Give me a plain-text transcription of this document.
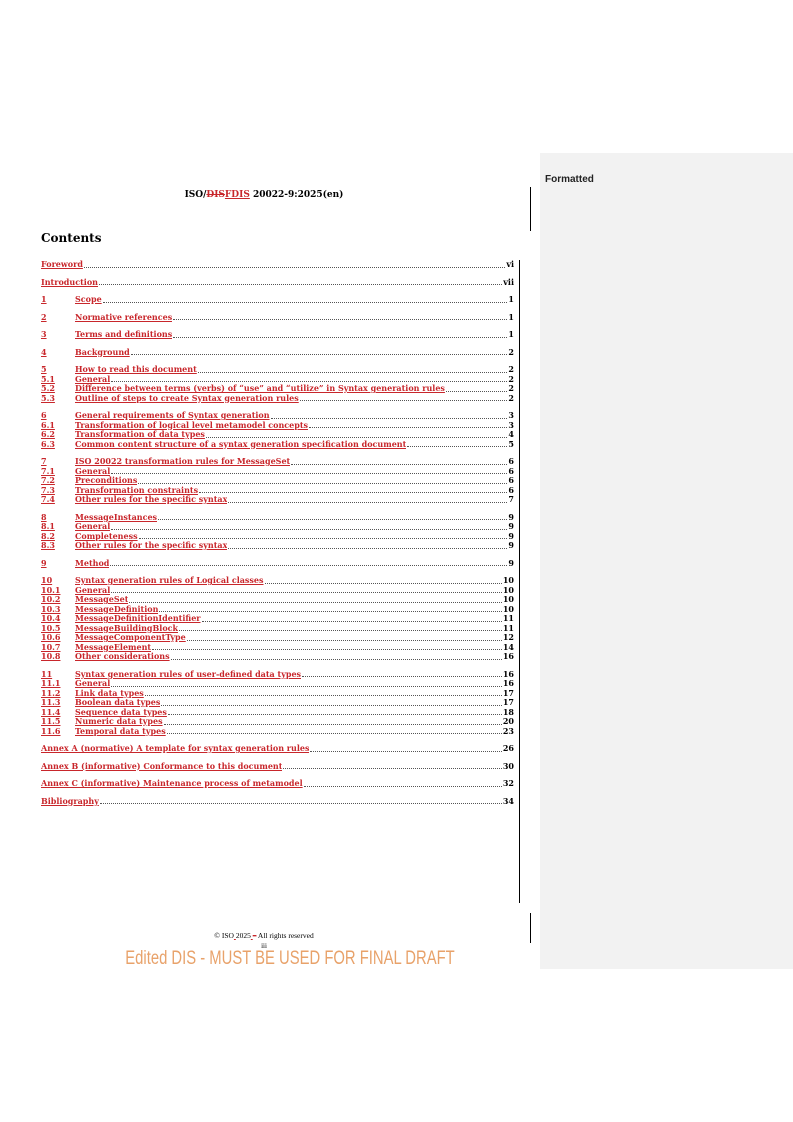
Formatted
ISO/DISFDIS 20022-9:2025(en)
Contents
Foreword	vi
Introduction	vii
1	Scope	1
2	Normative references	1
3	Terms and definitions	1
4	Background	2
5	How to read this document	2
5.1	General	2
5.2	Difference between terms (verbs) of “use” and “utilize” in Syntax generation rules	2
5.3	Outline of steps to create Syntax generation rules	2
6	General requirements of Syntax generation	3
6.1	Transformation of logical level metamodel concepts	3
6.2	Transformation of data types	4
6.3	Common content structure of a syntax generation specification document	5
7	ISO 20022 transformation rules for MessageSet	6
7.1	General	6
7.2	Preconditions	6
7.3	Transformation constraints	6
7.4	Other rules for the specific syntax	7
8	MessageInstances	9
8.1	General	9
8.2	Completeness	9
8.3	Other rules for the specific syntax	9
9	Method	9
10	Syntax generation rules of Logical classes	10
10.1	General	10
10.2	MessageSet	10
10.3	MessageDefinition	10
10.4	MessageDefinitionIdentifier	11
10.5	MessageBuildingBlock	11
10.6	MessageComponentType	12
10.7	MessageElement	14
10.8	Other considerations	16
11	Syntax generation rules of user-defined data types	16
11.1	General	16
11.2	Link data types	17
11.3	Boolean data types	17
11.4	Sequence data types	18
11.5	Numeric data types	20
11.6	Temporal data types	23
Annex A (normative) A template for syntax generation rules	26
Annex B (informative) Conformance to this document	30
Annex C (informative) Maintenance process of metamodel	32
Bibliography	34
© ISO 2025 – All rights reserved
iii
Edited DIS - MUST BE USED FOR FINAL DRAFT
